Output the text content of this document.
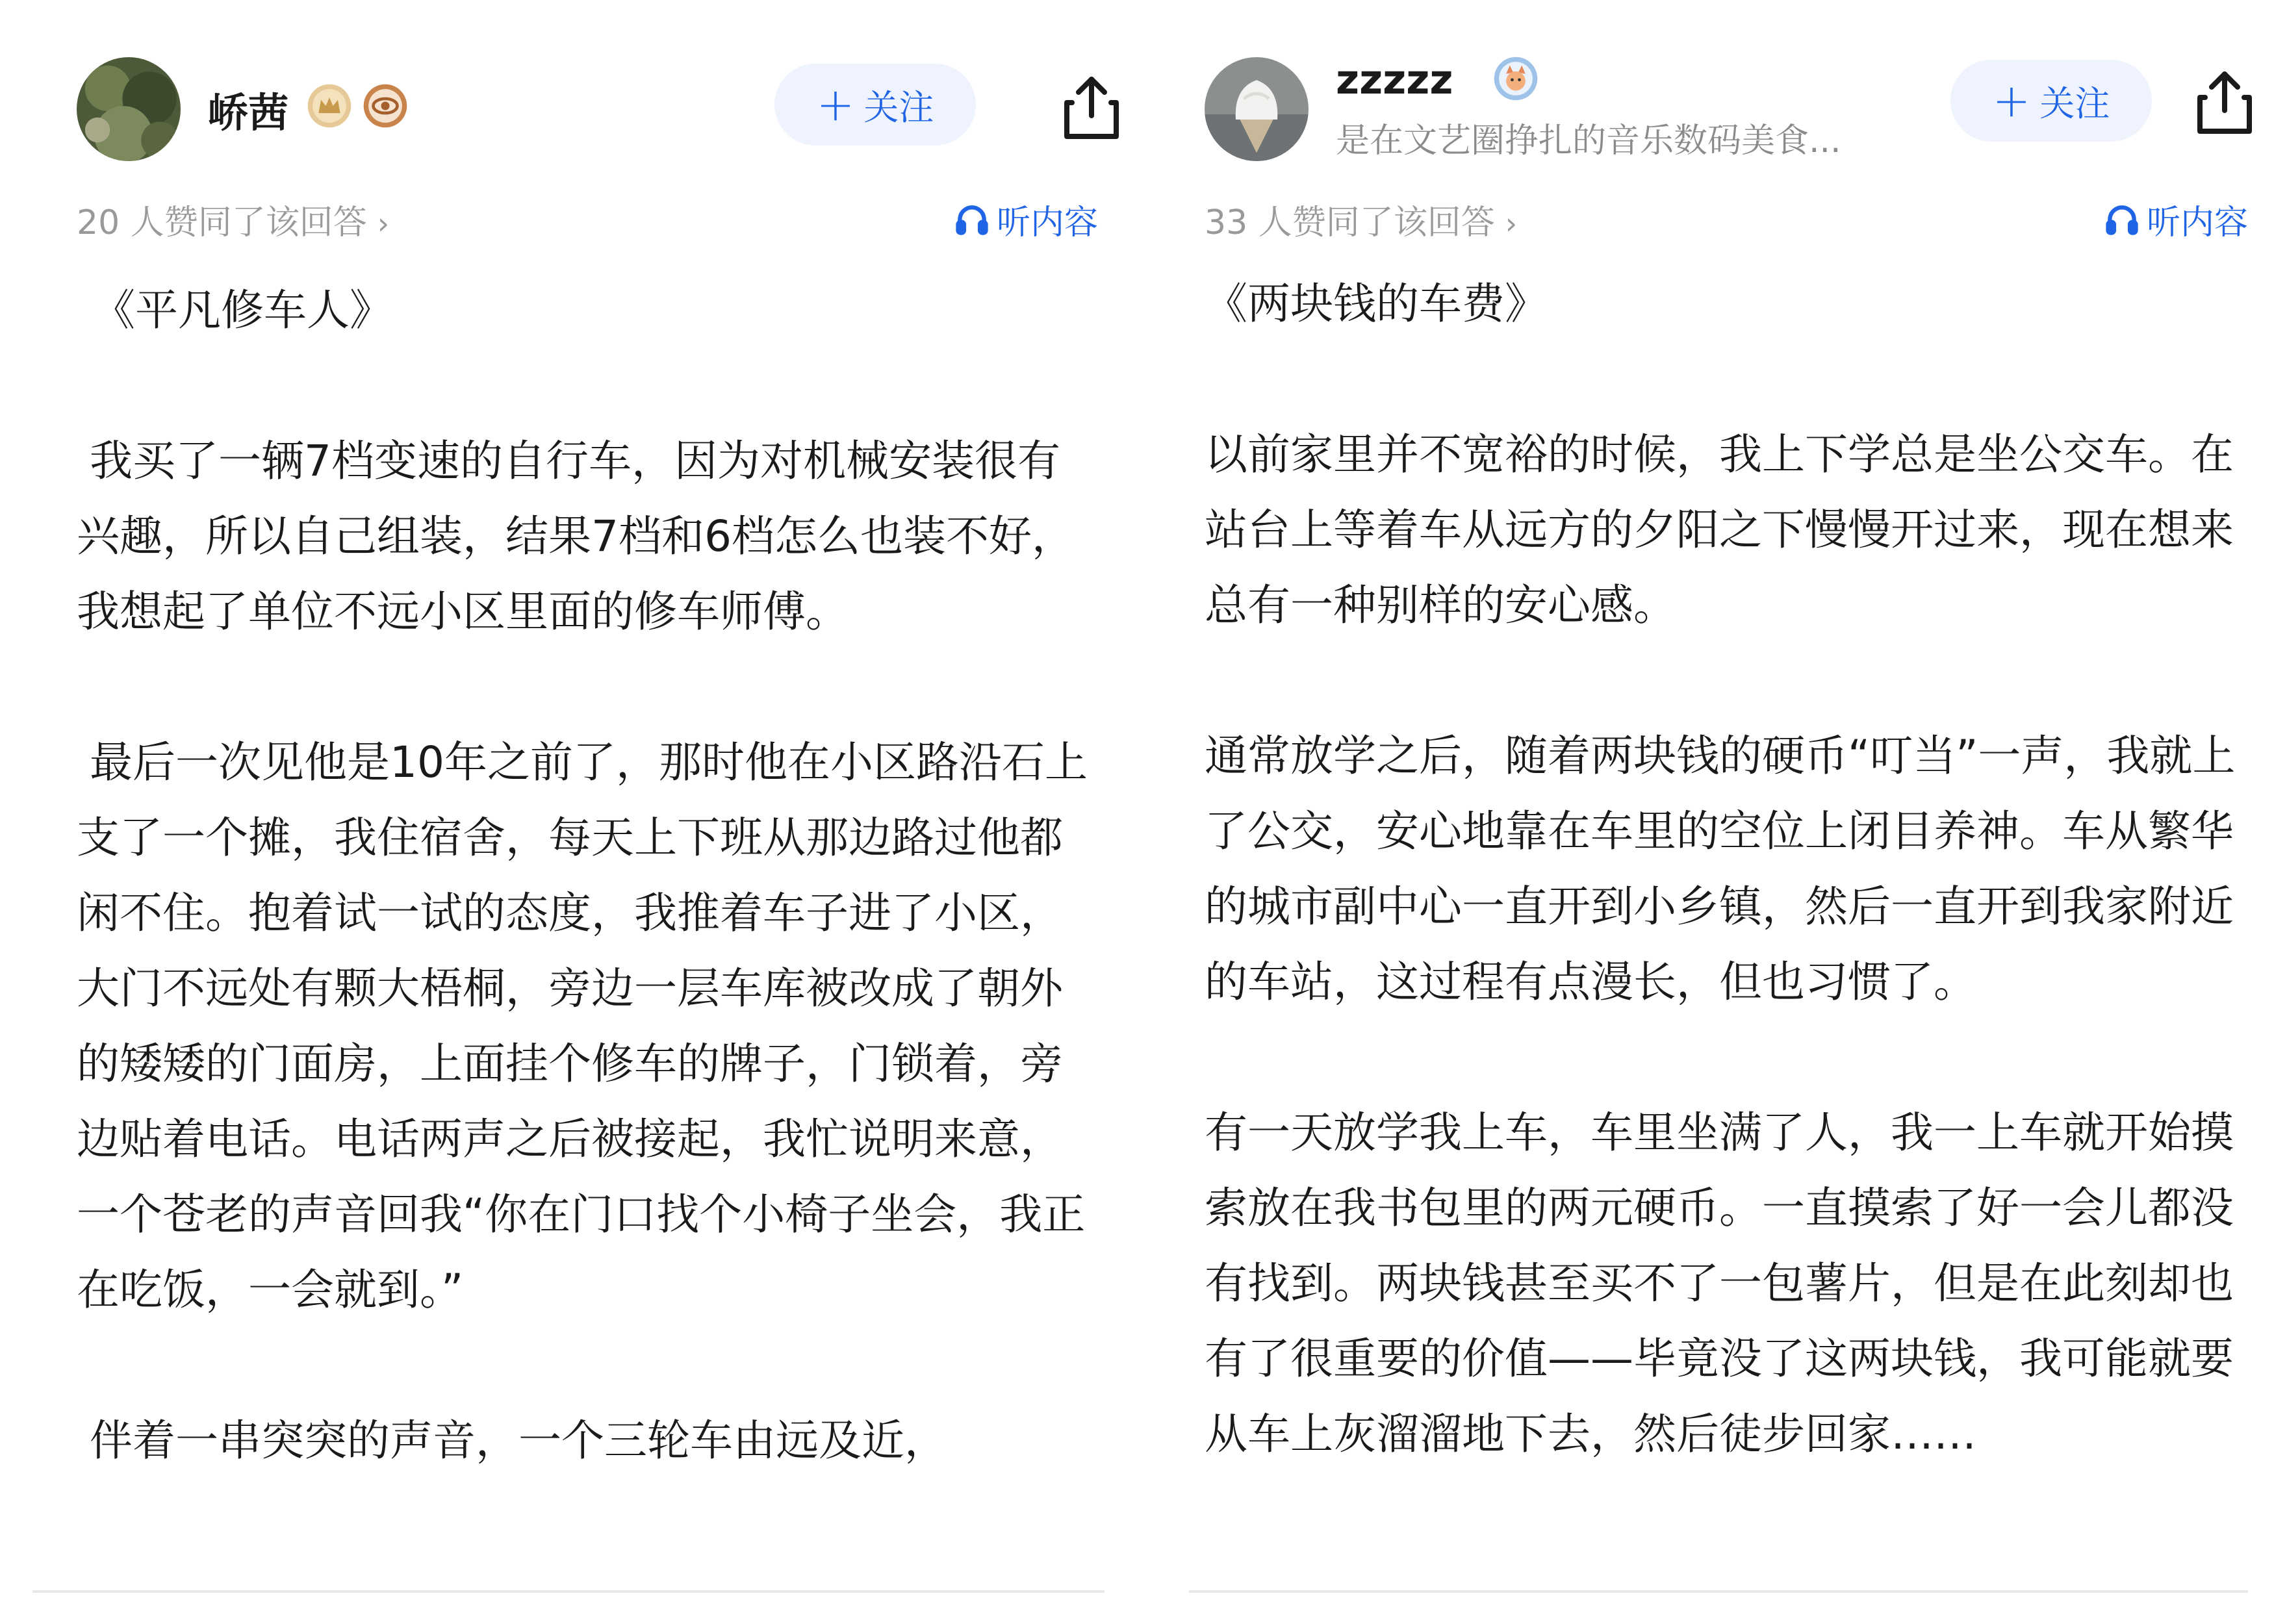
峤茜	+ 关注
20 人赞同了该回答 ›	听内容
《平凡修车人》

我买了一辆7档变速的自行车，因为对机械安装很有兴趣，所以自己组装，结果7档和6档怎么也装不好，我想起了单位不远小区里面的修车师傅。

最后一次见他是10年之前了，那时他在小区路沿石上支了一个摊，我住宿舍，每天上下班从那边路过他都闲不住。抱着试一试的态度，我推着车子进了小区，大门不远处有颗大梧桐，旁边一层车库被改成了朝外的矮矮的门面房，上面挂个修车的牌子，门锁着，旁边贴着电话。电话两声之后被接起，我忙说明来意，一个苍老的声音回我“你在门口找个小椅子坐会，我正在吃饭，一会就到。”

伴着一串突突的声音，一个三轮车由远及近，

zzzzz
是在文艺圈挣扎的音乐数码美食...
+ 关注
33 人赞同了该回答 ›	听内容
《两块钱的车费》

以前家里并不宽裕的时候，我上下学总是坐公交车。在站台上等着车从远方的夕阳之下慢慢开过来，现在想来总有一种别样的安心感。

通常放学之后，随着两块钱的硬币“叮当”一声，我就上了公交，安心地靠在车里的空位上闭目养神。车从繁华的城市副中心一直开到小乡镇，然后一直开到我家附近的车站，这过程有点漫长，但也习惯了。

有一天放学我上车，车里坐满了人，我一上车就开始摸索放在我书包里的两元硬币。一直摸索了好一会儿都没有找到。两块钱甚至买不了一包薯片，但是在此刻却也有了很重要的价值——毕竟没了这两块钱，我可能就要从车上灰溜溜地下去，然后徒步回家……
